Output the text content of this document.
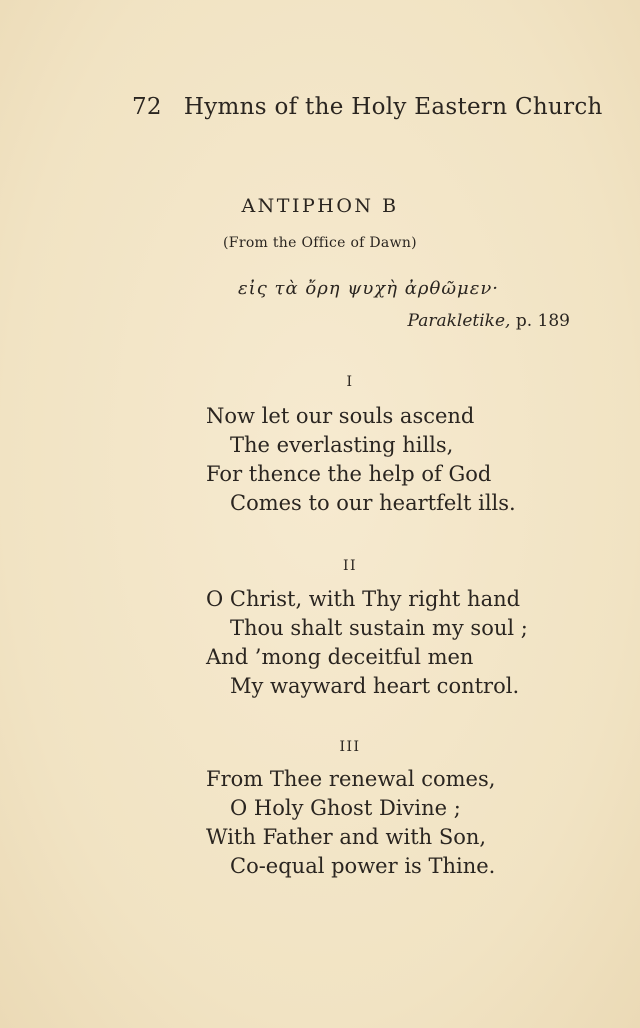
72 Hymns of the Holy Eastern Church
ANTIPHON B
(From the Office of Dawn)
εἰς τὰ ὄρη ψυχὴ ἀρθῶμεν·
Parakletike, p. 189
I
Now let our souls ascend
The everlasting hills,
For thence the help of God
Comes to our heartfelt ills.
II
O Christ, with Thy right hand
Thou shalt sustain my soul ;
And ’mong deceitful men
My wayward heart control.
III
From Thee renewal comes,
O Holy Ghost Divine ;
With Father and with Son,
Co-equal power is Thine.
